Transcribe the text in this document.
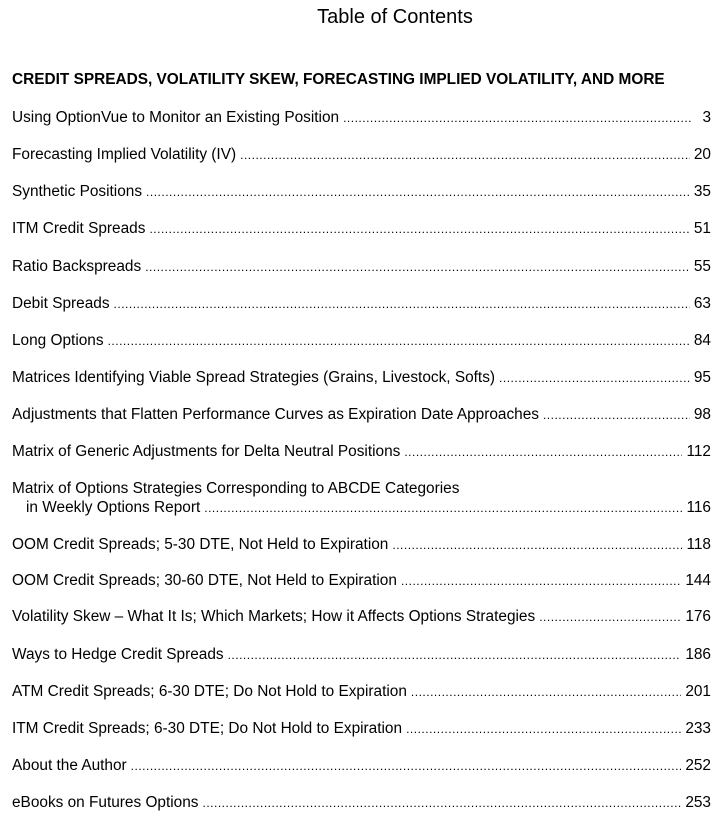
Table of Contents
CREDIT SPREADS, VOLATILITY SKEW, FORECASTING IMPLIED VOLATILITY, AND MORE
Using OptionVue to Monitor an Existing Position .....	3
Forecasting Implied Volatility (IV) .....	20
Synthetic Positions .....	35
ITM Credit Spreads .....	51
Ratio Backspreads .....	55
Debit Spreads .....	63
Long Options .....	84
Matrices Identifying Viable Spread Strategies (Grains, Livestock, Softs) .....	95
Adjustments that Flatten Performance Curves as Expiration Date Approaches .....	98
Matrix of Generic Adjustments for Delta Neutral Positions .....	112
Matrix of Options Strategies Corresponding to ABCDE Categories
in Weekly Options Report .....	116
OOM Credit Spreads; 5-30 DTE, Not Held to Expiration .....	118
OOM Credit Spreads; 30-60 DTE, Not Held to Expiration .....	144
Volatility Skew – What It Is; Which Markets; How it Affects Options Strategies .....	176
Ways to Hedge Credit Spreads .....	186
ATM Credit Spreads; 6-30 DTE; Do Not Hold to Expiration .....	201
ITM Credit Spreads; 6-30 DTE; Do Not Hold to Expiration .....	233
About the Author .....	252
eBooks on Futures Options .....	253
